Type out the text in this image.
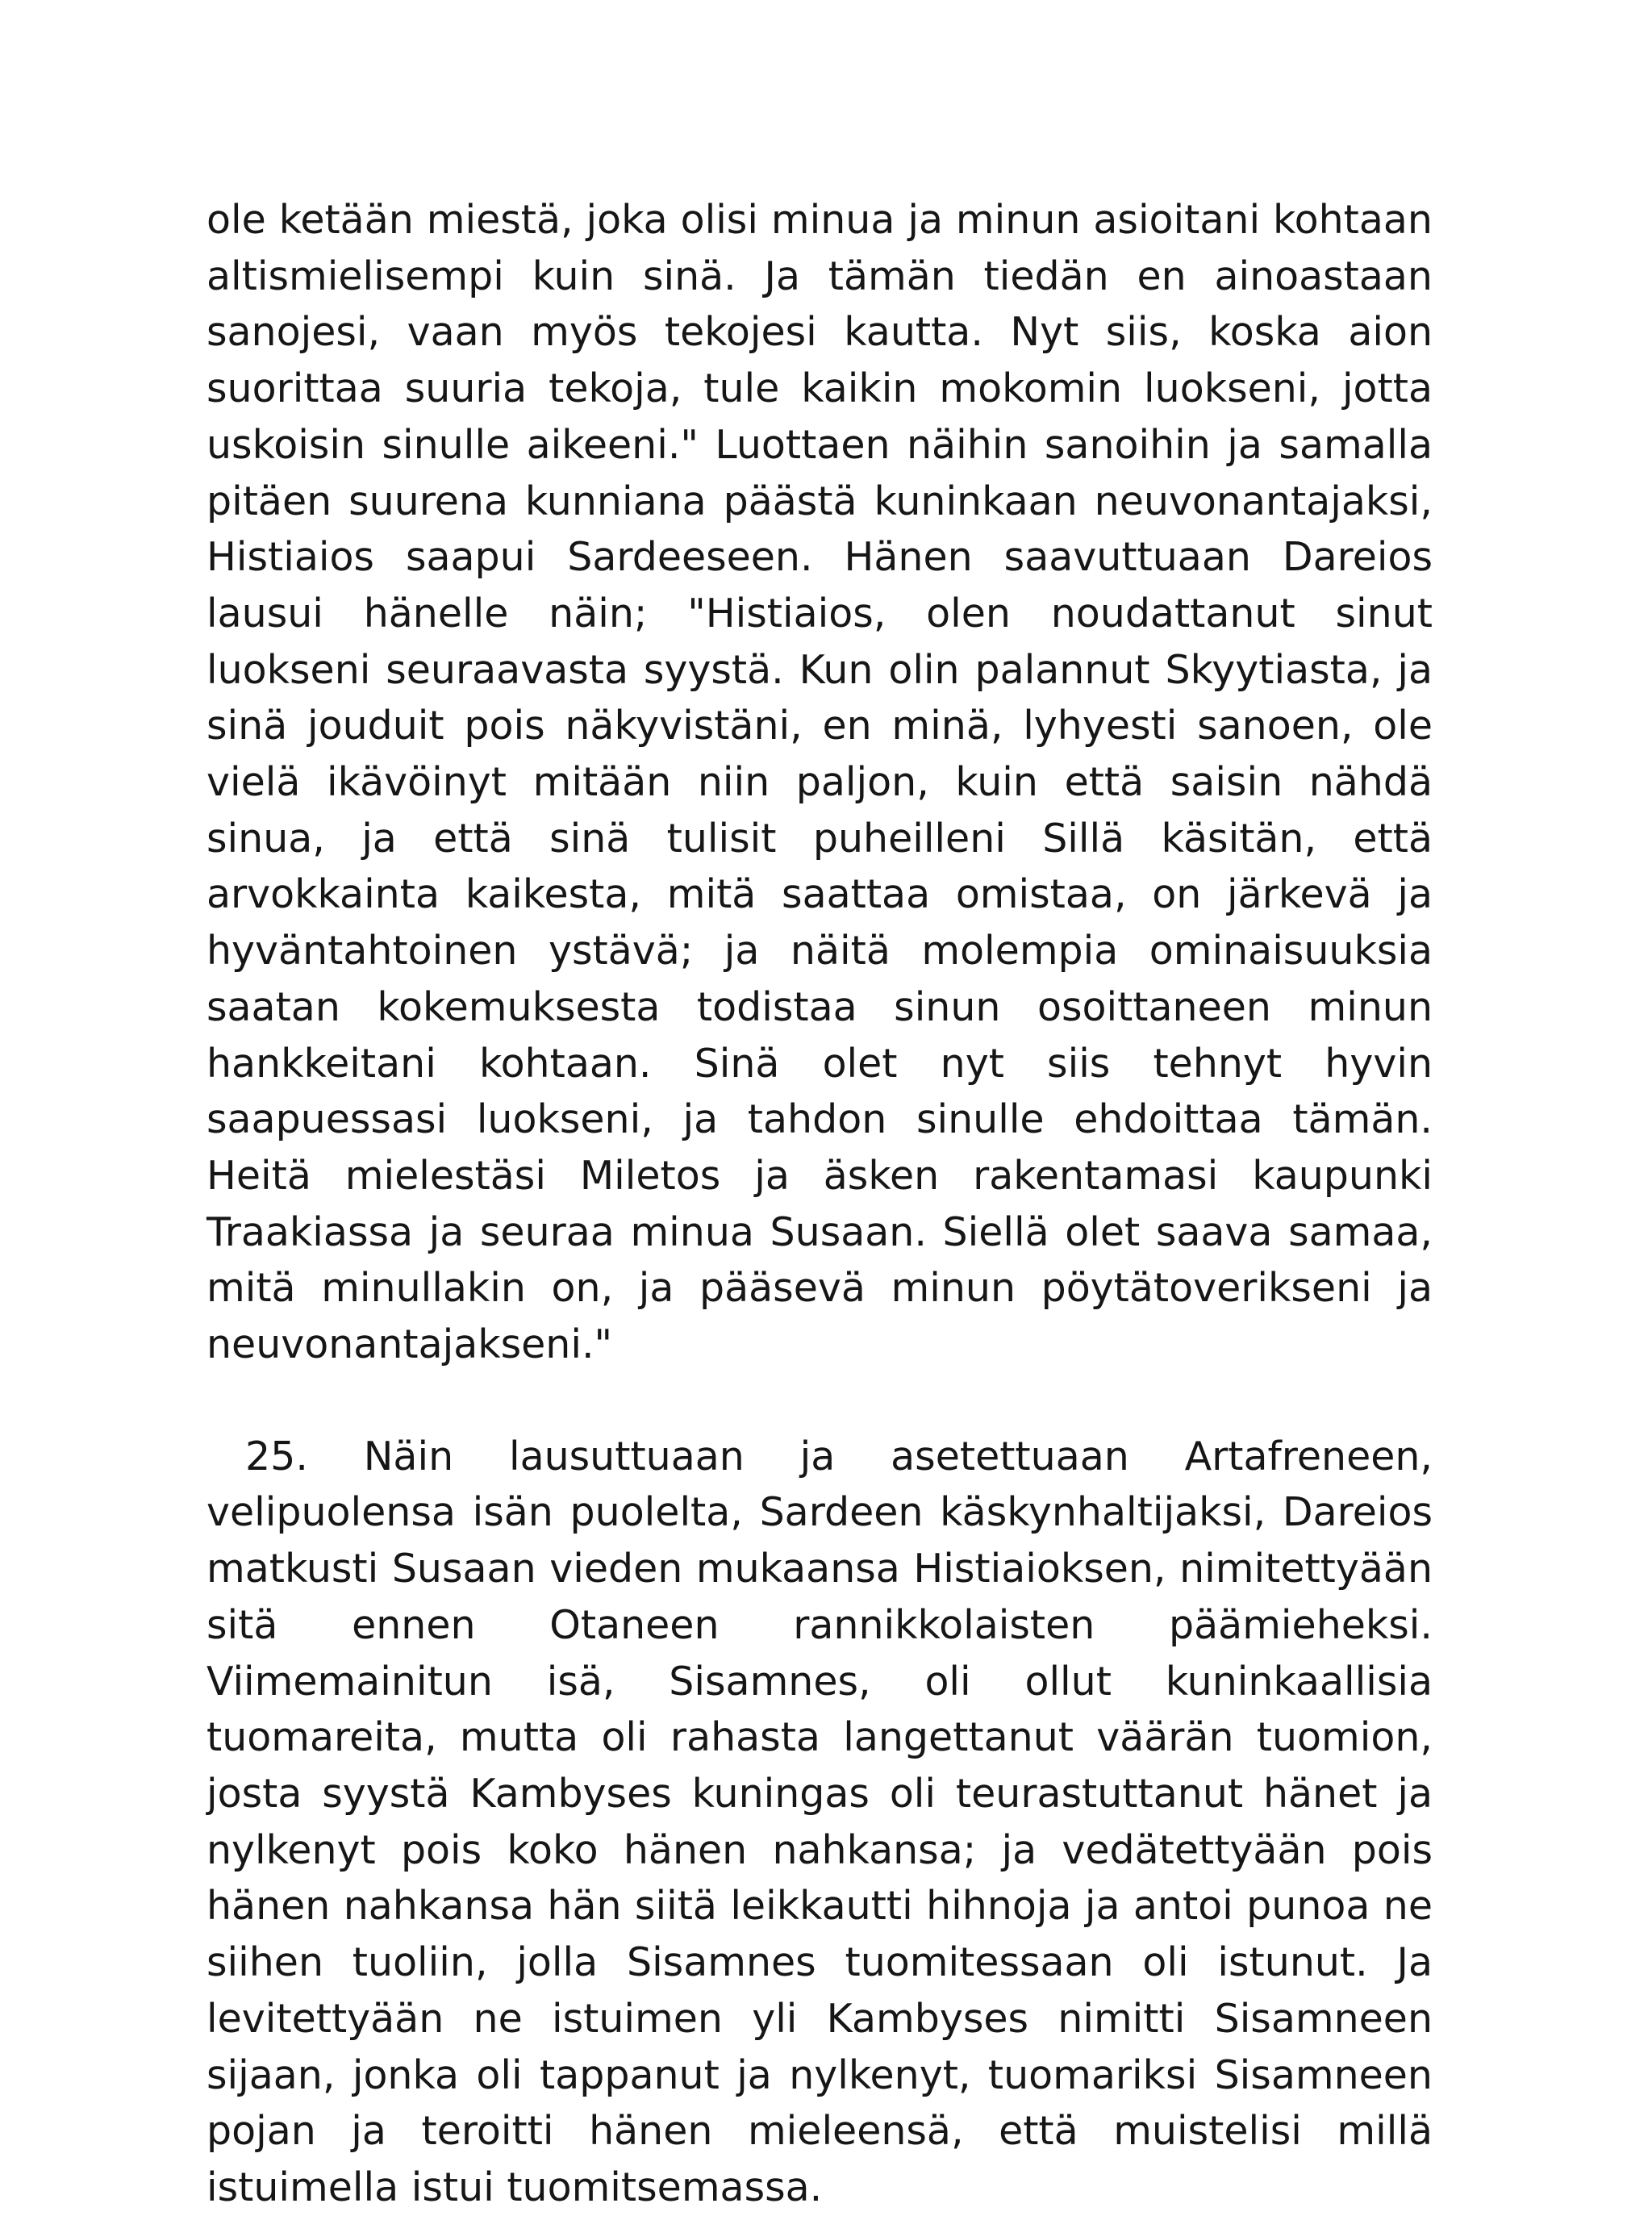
ole ketään miestä, joka olisi minua ja minun asioitani kohtaan altismielisempi kuin sinä. Ja tämän tiedän en ainoastaan sanojesi, vaan myös tekojesi kautta. Nyt siis, koska aion suorittaa suuria tekoja, tule kaikin mokomin luokseni, jotta uskoisin sinulle aikeeni." Luottaen näihin sanoihin ja samalla pitäen suurena kunniana päästä kuninkaan neuvonantajaksi, Histiaios saapui Sardeeseen. Hänen saavuttuaan Dareios lausui hänelle näin; "Histiaios, olen noudattanut sinut luokseni seuraavasta syystä. Kun olin palannut Skyytiasta, ja sinä jouduit pois näkyvistäni, en minä, lyhyesti sanoen, ole vielä ikävöinyt mitään niin paljon, kuin että saisin nähdä sinua, ja että sinä tulisit puheilleni Sillä käsitän, että arvokkainta kaikesta, mitä saattaa omistaa, on järkevä ja hyväntahtoinen ystävä; ja näitä molempia ominaisuuksia saatan kokemuksesta todistaa sinun osoittaneen minun hankkeitani kohtaan. Sinä olet nyt siis tehnyt hyvin saapuessasi luokseni, ja tahdon sinulle ehdoittaa tämän. Heitä mielestäsi Miletos ja äsken rakentamasi kaupunki Traakiassa ja seuraa minua Susaan. Siellä olet saava samaa, mitä minullakin on, ja pääsevä minun pöytätoverikseni ja neuvonantajakseni."

25. Näin lausuttuaan ja asetettuaan Artafreneen, velipuolensa isän puolelta, Sardeen käskynhaltijaksi, Dareios matkusti Susaan vieden mukaansa Histiaioksen, nimitettyään sitä ennen Otaneen rannikkolaisten päämieheksi. Viimemainitun isä, Sisamnes, oli ollut kuninkaallisia tuomareita, mutta oli rahasta langettanut väärän tuomion, josta syystä Kambyses kuningas oli teurastuttanut hänet ja nylkenyt pois koko hänen nahkansa; ja vedätettyään pois hänen nahkansa hän siitä leikkautti hihnoja ja antoi punoa ne siihen tuoliin, jolla Sisamnes tuomitessaan oli istunut. Ja levitettyään ne istuimen yli Kambyses nimitti Sisamneen sijaan, jonka oli tappanut ja nylkenyt, tuomariksi Sisamneen pojan ja teroitti hänen mieleensä, että muistelisi millä istuimella istui tuomitsemassa.
